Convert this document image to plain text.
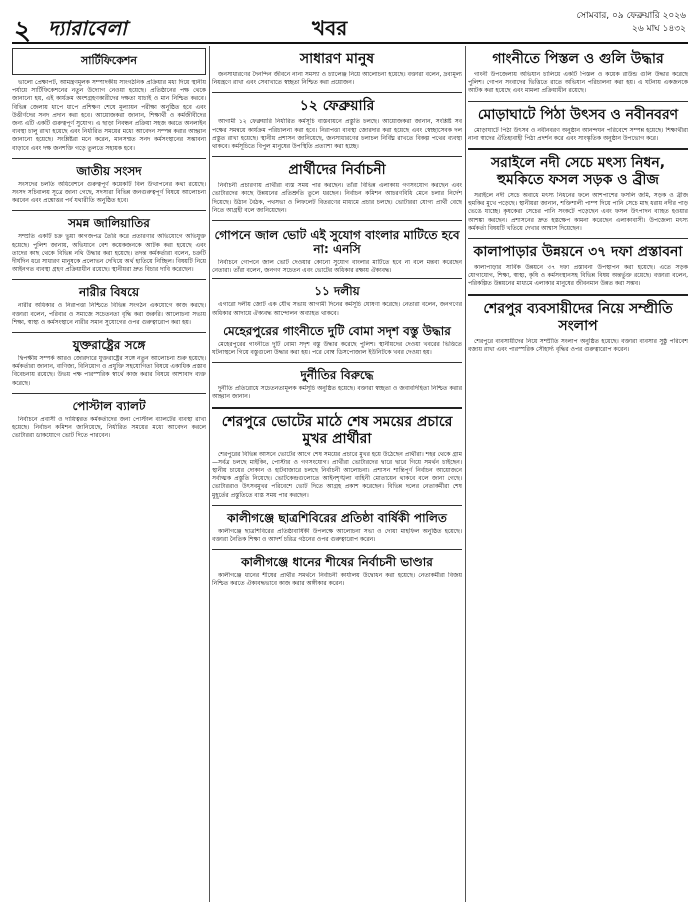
২ দ্যারাবেলা	খবর	সোমবার, ০৯ ফেব্রুয়ারি ২০২৬
২৬ মাঘ ১৪৩২
সার্টিফিকেশন

ভালো প্রেক্ষাপট, আমন্ত্রণমূলক সম্পাদকীয় সাংগঠনিক প্রক্রিয়ার মধ্য দিয়ে স্থানীয় পর্যায়ে সার্টিফিকেশনের নতুন উদ্যোগ নেওয়া হয়েছে। প্রতিষ্ঠানের পক্ষ থেকে জানানো হয়, এই কার্যক্রম অংশগ্রহণকারীদের দক্ষতা যাচাই ও মান নিশ্চিত করবে। বিভিন্ন জেলায় ধাপে ধাপে প্রশিক্ষণ শেষে মূল্যায়ন পরীক্ষা অনুষ্ঠিত হবে এবং উত্তীর্ণদের সনদ প্রদান করা হবে। আয়োজকরা জানান, শিক্ষার্থী ও কর্মজীবীদের জন্য এটি একটি গুরুত্বপূর্ণ সুযোগ। এ ছাড়া নিবন্ধন প্রক্রিয়া সহজ করতে অনলাইন ব্যবস্থা চালু রাখা হয়েছে এবং নির্ধারিত সময়ের মধ্যে আবেদন সম্পন্ন করার আহ্বান জানানো হয়েছে। সংশ্লিষ্টরা মনে করেন, মানসম্মত সনদ কর্মসংস্থানের সম্ভাবনা বাড়াবে এবং দক্ষ জনশক্তি গড়ে তুলতে সহায়ক হবে।

জাতীয় সংসদ

সংসদের চলতি অধিবেশনে গুরুত্বপূর্ণ কয়েকটি বিল উত্থাপনের কথা রয়েছে। সংসদ সচিবালয় সূত্রে জানা গেছে, সদস্যরা বিভিন্ন জনগুরুত্বপূর্ণ বিষয়ে আলোচনা করবেন এবং প্রশ্নোত্তর পর্ব যথারীতি অনুষ্ঠিত হবে।

সমন্ন জালিয়াতির

সম্প্রতি একটি চক্র ভুয়া কাগজপত্র তৈরি করে প্রতারণার অভিযোগে অভিযুক্ত হয়েছে। পুলিশ জানায়, অভিযানে বেশ কয়েকজনকে আটক করা হয়েছে এবং তাদের কাছ থেকে বিভিন্ন নথি উদ্ধার করা হয়েছে। তদন্ত কর্মকর্তারা বলেন, চক্রটি দীর্ঘদিন ধরে সাধারণ মানুষকে প্রলোভন দেখিয়ে অর্থ হাতিয়ে নিচ্ছিল। বিষয়টি নিয়ে আইনগত ব্যবস্থা গ্রহণ প্রক্রিয়াধীন রয়েছে। স্থানীয়রা দ্রুত বিচার দাবি করেছেন।

নারীর বিষয়ে

নারীর অধিকার ও নিরাপত্তা নিশ্চিতে বিভিন্ন সংগঠন একযোগে কাজ করছে। বক্তারা বলেন, পরিবার ও সমাজে সচেতনতা বৃদ্ধি করা জরুরি। আলোচনা সভায় শিক্ষা, স্বাস্থ্য ও কর্মসংস্থানে নারীর সমান সুযোগের ওপর গুরুত্বারোপ করা হয়।

যুক্তরাষ্ট্রের সঙ্গে

দ্বিপক্ষীয় সম্পর্ক আরও জোরদারে যুক্তরাষ্ট্রের সঙ্গে নতুন আলোচনা শুরু হয়েছে। কর্মকর্তারা জানান, বাণিজ্য, বিনিয়োগ ও প্রযুক্তি সহযোগিতা বিষয়ে একাধিক প্রস্তাব বিবেচনায় রয়েছে। উভয় পক্ষ পারস্পরিক স্বার্থে কাজ করার বিষয়ে আশাবাদ ব্যক্ত করেছে।

পোস্টাল ব্যালট

নির্বাচনে প্রবাসী ও দায়িত্বরত কর্মকর্তাদের জন্য পোস্টাল ব্যালটের ব্যবস্থা রাখা হয়েছে। নির্বাচন কমিশন জানিয়েছে, নির্ধারিত সময়ের মধ্যে আবেদন করলে ভোটাররা ডাকযোগে ভোট দিতে পারবেন।

সাধারণ মানুষ

জনসাধারণের দৈনন্দিন জীবনে নানা সমস্যা ও চ্যালেঞ্জ নিয়ে আলোচনা হয়েছে। বক্তারা বলেন, দ্রব্যমূল্য নিয়ন্ত্রণে রাখা এবং সেবাখাতে স্বচ্ছতা নিশ্চিত করা প্রয়োজন।

১২ ফেব্রুয়ারি

আগামী ১২ ফেব্রুয়ারি নির্ধারিত কর্মসূচি বাস্তবায়নে প্রস্তুতি চলছে। আয়োজকরা জানান, সংশ্লিষ্ট সব পক্ষের সমন্বয়ে কার্যক্রম পরিচালনা করা হবে। নিরাপত্তা ব্যবস্থা জোরদার করা হয়েছে এবং স্বেচ্ছাসেবক দল প্রস্তুত রাখা হয়েছে। স্থানীয় প্রশাসন জানিয়েছে, জনসাধারণের চলাচল নির্বিঘ্ন রাখতে বিকল্প পথের ব্যবস্থা থাকবে। কর্মসূচিতে বিপুল মানুষের উপস্থিতি প্রত্যাশা করা হচ্ছে।

প্রার্থীদের নির্বাচনী

নির্বাচনী প্রচারণায় প্রার্থীরা ব্যস্ত সময় পার করছেন। তাঁরা বিভিন্ন এলাকায় গণসংযোগ করছেন এবং ভোটারদের কাছে উন্নয়নের প্রতিশ্রুতি তুলে ধরছেন। নির্বাচন কমিশন আচরণবিধি মেনে চলার নির্দেশ দিয়েছে। উঠান বৈঠক, পথসভা ও লিফলেট বিতরণের মাধ্যমে প্রচার চলছে। ভোটাররা যোগ্য প্রার্থী বেছে নিতে আগ্রহী বলে জানিয়েছেন।

গোপনে জাল ভোট এই সুযোগ বাংলার মাটিতে হবে না: এনসি

নির্বাচনে গোপনে জাল ভোট দেওয়ার কোনো সুযোগ বাংলার মাটিতে হবে না বলে মন্তব্য করেছেন নেতারা। তাঁরা বলেন, জনগণ সচেতন এবং ভোটের অধিকার রক্ষায় ঐক্যবদ্ধ।

১১ দলীয়

এগারো দলীয় জোট এক যৌথ সভায় আগামী দিনের কর্মসূচি ঘোষণা করেছে। নেতারা বলেন, জনগণের অধিকার আদায়ে ঐক্যবদ্ধ আন্দোলন অব্যাহত থাকবে।

মেহেরপুরের গাংনীতে দুটি বোমা সদৃশ বস্তু উদ্ধার

মেহেরপুরের গাংনীতে দুটি বোমা সদৃশ বস্তু উদ্ধার করেছে পুলিশ। স্থানীয়দের দেওয়া খবরের ভিত্তিতে ঘটনাস্থলে গিয়ে বস্তুগুলো উদ্ধার করা হয়। পরে বোম্ব ডিসপোজাল ইউনিটকে খবর দেওয়া হয়।

দুর্নীতির বিরুদ্ধে

দুর্নীতি প্রতিরোধে সচেতনতামূলক কর্মসূচি অনুষ্ঠিত হয়েছে। বক্তারা স্বচ্ছতা ও জবাবদিহিতা নিশ্চিত করার আহ্বান জানান।

শেরপুরে ভোটের মাঠে শেষ সময়ের প্রচারে মুখর প্রার্থীরা

শেরপুরের বিভিন্ন আসনে ভোটের আগে শেষ সময়ের প্রচারে মুখর হয়ে উঠেছেন প্রার্থীরা। শহর থেকে গ্রাম—সর্বত্র চলছে মাইকিং, পোস্টার ও গণসংযোগ। প্রার্থীরা ভোটারদের দ্বারে দ্বারে গিয়ে সমর্থন চাইছেন। স্থানীয় চায়ের দোকান ও হাটবাজারে চলছে নির্বাচনী আলোচনা। প্রশাসন শান্তিপূর্ণ নির্বাচন আয়োজনে সর্বাত্মক প্রস্তুতি নিয়েছে। ভোটকেন্দ্রগুলোতে আইনশৃঙ্খলা বাহিনী মোতায়েন থাকবে বলে জানা গেছে। ভোটাররাও উৎসবমুখর পরিবেশে ভোট দিতে আগ্রহ প্রকাশ করেছেন। বিভিন্ন দলের নেতাকর্মীরা শেষ মুহূর্তের প্রস্তুতিতে ব্যস্ত সময় পার করছেন।

কালীগঞ্জে ছাত্রশিবিরের প্রতিষ্ঠা বার্ষিকী পালিত

কালীগঞ্জে ছাত্রশিবিরের প্রতিষ্ঠাবার্ষিকী উপলক্ষে আলোচনা সভা ও দোয়া মাহফিল অনুষ্ঠিত হয়েছে। বক্তারা নৈতিক শিক্ষা ও আদর্শ চরিত্র গঠনের ওপর গুরুত্বারোপ করেন।

কালীগঞ্জে ধানের শীষের নির্বাচনী ভাণ্ডার

কালীগঞ্জে ধানের শীষের প্রার্থীর সমর্থনে নির্বাচনী কার্যালয় উদ্বোধন করা হয়েছে। নেতাকর্মীরা বিজয় নিশ্চিত করতে ঐক্যবদ্ধভাবে কাজ করার অঙ্গীকার করেন।

গাংনীতে পিস্তল ও গুলি উদ্ধার

গাংনী উপজেলায় অভিযান চালিয়ে একটি পিস্তল ও কয়েক রাউন্ড গুলি উদ্ধার করেছে পুলিশ। গোপন সংবাদের ভিত্তিতে রাতে অভিযান পরিচালনা করা হয়। এ ঘটনায় একজনকে আটক করা হয়েছে এবং মামলা প্রক্রিয়াধীন রয়েছে।

মোড়াঘাটে পিঠা উৎসব ও নবীনবরণ

মোড়াঘাটে পিঠা উৎসব ও নবীনবরণ অনুষ্ঠান আনন্দঘন পরিবেশে সম্পন্ন হয়েছে। শিক্ষার্থীরা নানা স্বাদের ঐতিহ্যবাহী পিঠা প্রদর্শন করে এবং সাংস্কৃতিক অনুষ্ঠান উপভোগ করে।

সরাইলে নদী সেচে মৎস্য নিধন, হুমকিতে ফসল সড়ক ও ব্রীজ

সরাইলে নদী সেচে অবাধে মৎস্য নিধনের ফলে আশপাশের ফসলি জমি, সড়ক ও ব্রীজ হুমকির মুখে পড়েছে। স্থানীয়রা জানান, শক্তিশালী পাম্প দিয়ে পানি সেচে মাছ ধরায় নদীর পাড় ভেঙে যাচ্ছে। কৃষকেরা সেচের পানি সংকটে পড়েছেন এবং ফসল উৎপাদন ব্যাহত হওয়ার আশঙ্কা করছেন। প্রশাসনের দ্রুত হস্তক্ষেপ কামনা করেছেন এলাকাবাসী। উপজেলা মৎস্য কর্মকর্তা বিষয়টি খতিয়ে দেখার আশ্বাস দিয়েছেন।

কালাপাড়ার উন্নয়নে ৩৭ দফা প্রস্তাবনা

কালাপাড়ার সার্বিক উন্নয়নে ৩৭ দফা প্রস্তাবনা উপস্থাপন করা হয়েছে। এতে সড়ক যোগাযোগ, শিক্ষা, স্বাস্থ্য, কৃষি ও কর্মসংস্থানসহ বিভিন্ন বিষয় অন্তর্ভুক্ত রয়েছে। বক্তারা বলেন, পরিকল্পিত উন্নয়নের মাধ্যমে এলাকার মানুষের জীবনমান উন্নত করা সম্ভব।

শেরপুর ব্যবসায়ীদের নিয়ে সম্প্রীতি সংলাপ

শেরপুরে ব্যবসায়ীদের নিয়ে সম্প্রীতি সংলাপ অনুষ্ঠিত হয়েছে। বক্তারা ব্যবসার সুষ্ঠু পরিবেশ বজায় রাখা এবং পারস্পরিক সৌহার্দ্য বৃদ্ধির ওপর গুরুত্বারোপ করেন।
